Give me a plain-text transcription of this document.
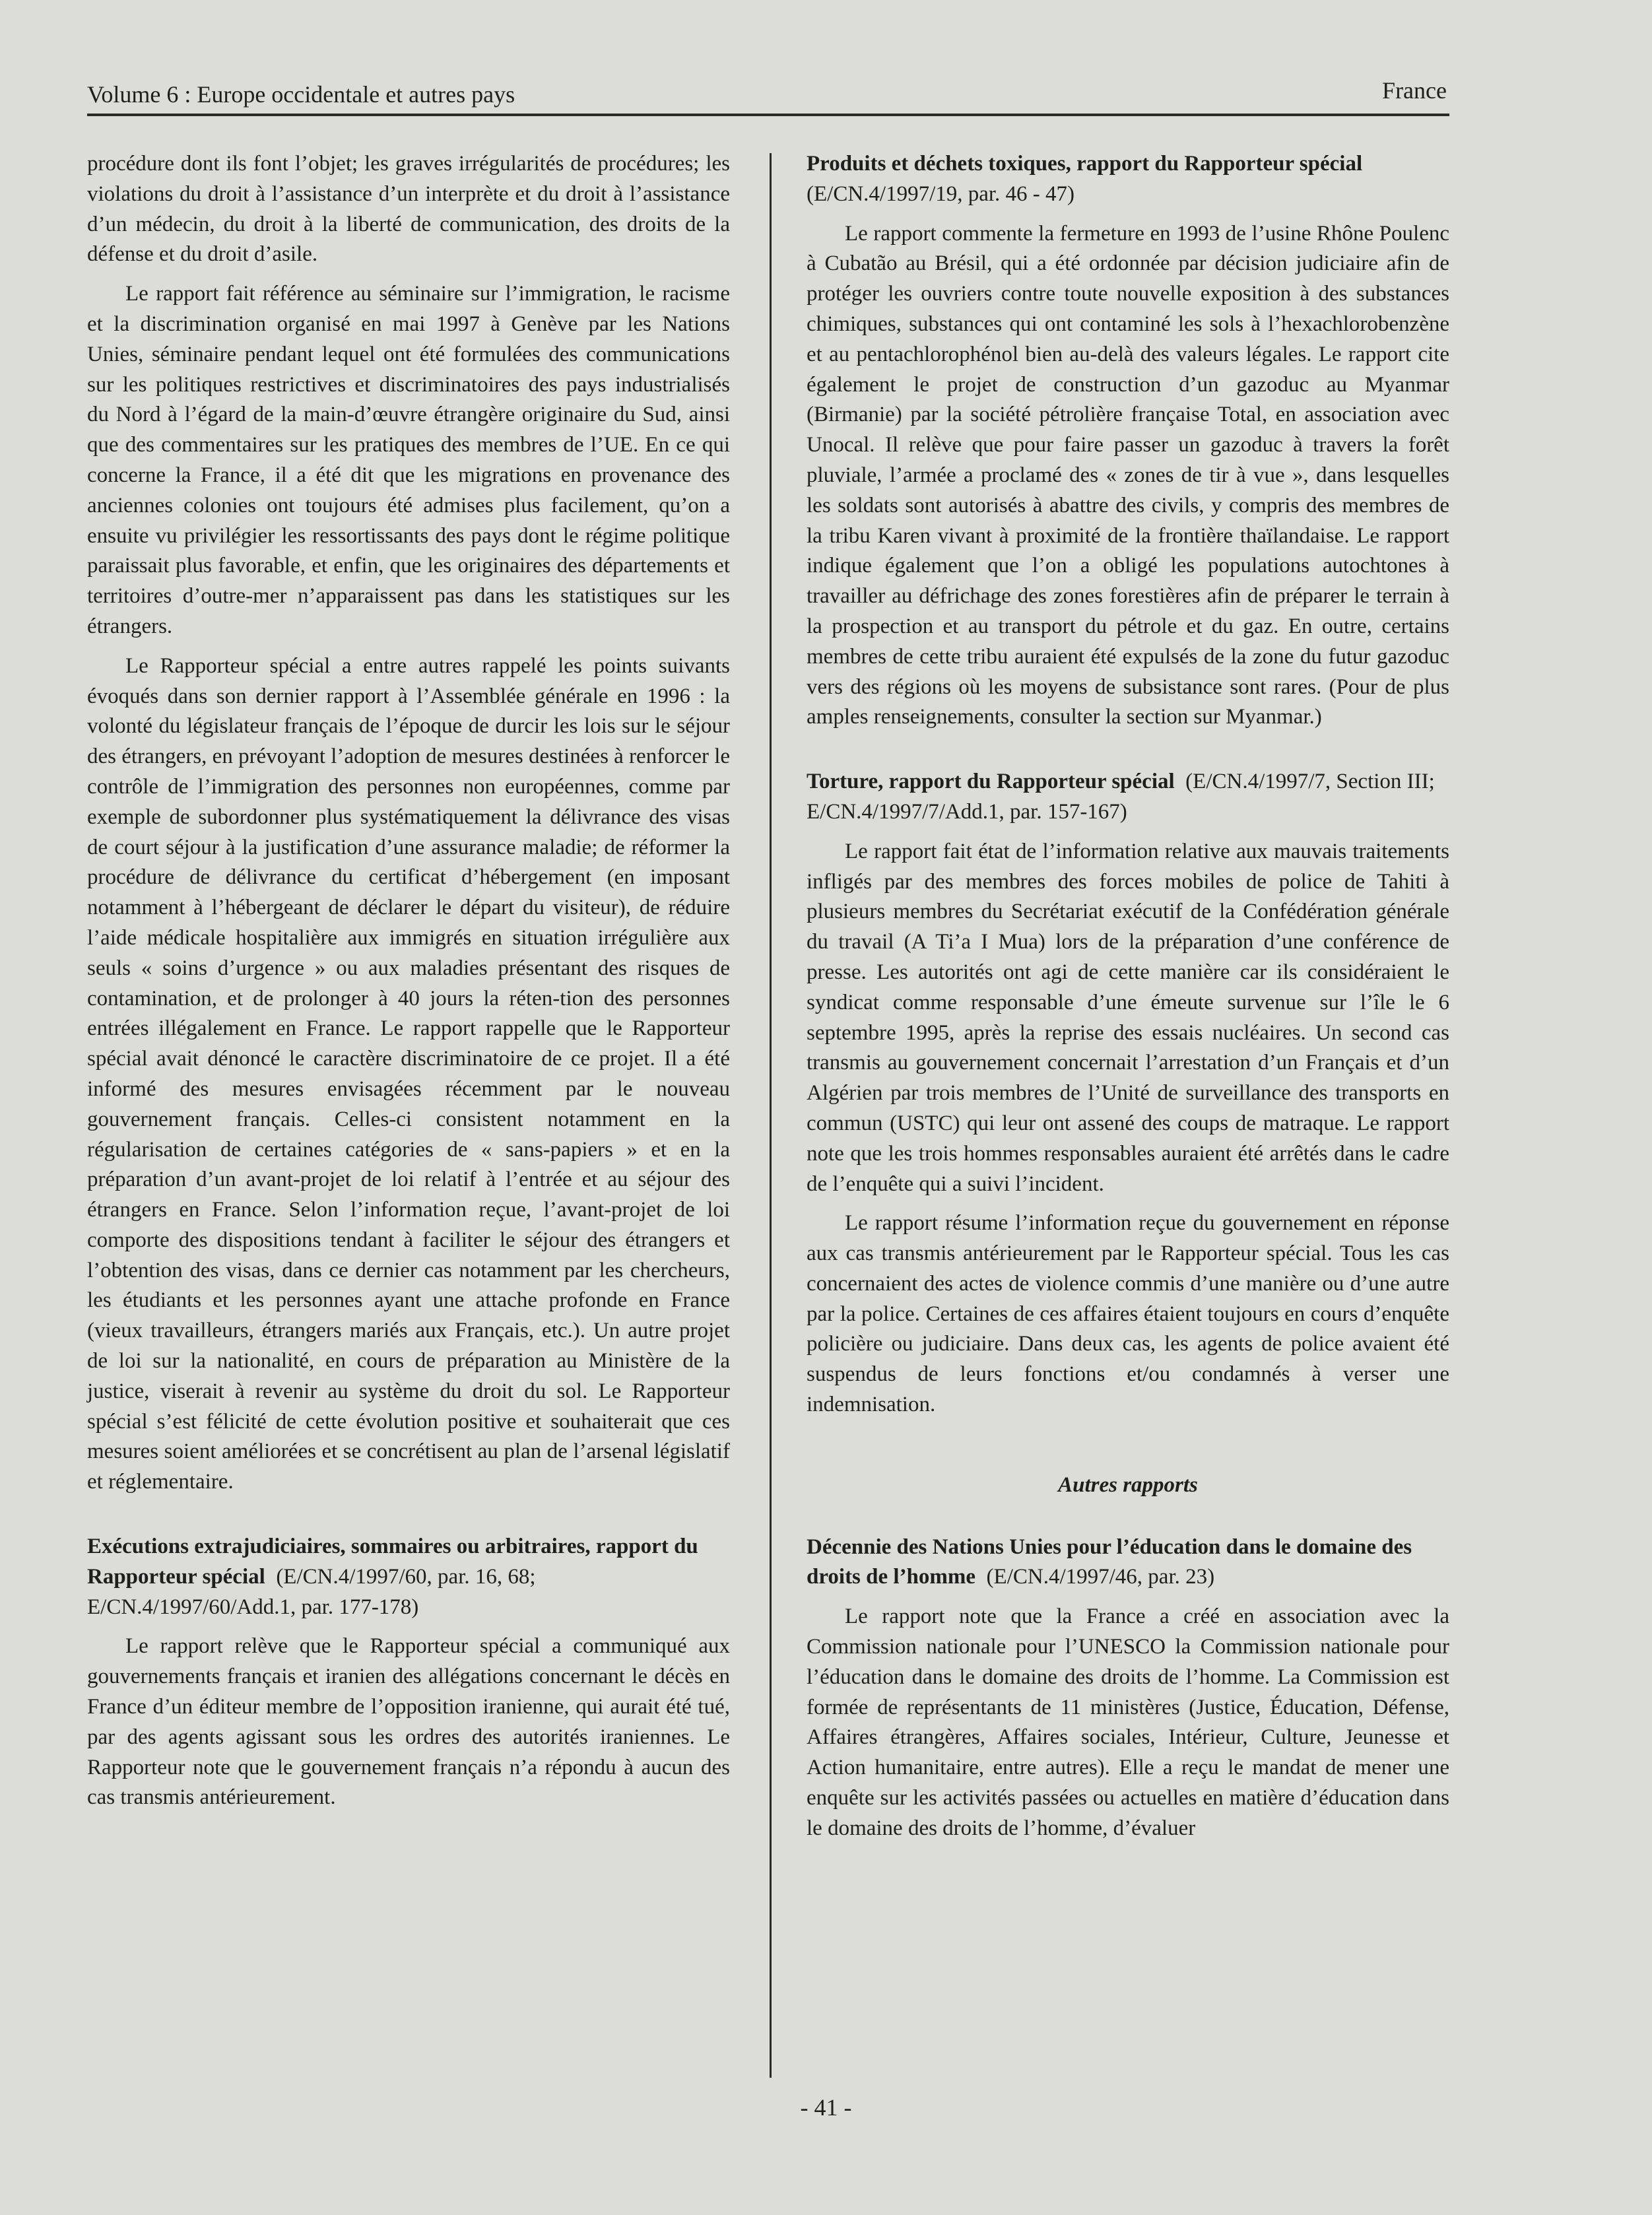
Volume 6 : Europe occidentale et autres pays	France

procédure dont ils font l’objet; les graves irrégularités de procédures; les violations du droit à l’assistance d’un interprète et du droit à l’assistance d’un médecin, du droit à la liberté de communication, des droits de la défense et du droit d’asile.

Le rapport fait référence au séminaire sur l’immigration, le racisme et la discrimination organisé en mai 1997 à Genève par les Nations Unies, séminaire pendant lequel ont été formulées des communications sur les politiques restrictives et discriminatoires des pays industrialisés du Nord à l’égard de la main-d’œuvre étrangère originaire du Sud, ainsi que des commentaires sur les pratiques des membres de l’UE. En ce qui concerne la France, il a été dit que les migrations en provenance des anciennes colonies ont toujours été admises plus facilement, qu’on a ensuite vu privilégier les ressortissants des pays dont le régime politique paraissait plus favorable, et enfin, que les originaires des départements et territoires d’outre-mer n’apparaissent pas dans les statistiques sur les étrangers.

Le Rapporteur spécial a entre autres rappelé les points suivants évoqués dans son dernier rapport à l’Assemblée générale en 1996 : la volonté du législateur français de l’époque de durcir les lois sur le séjour des étrangers, en prévoyant l’adoption de mesures destinées à renforcer le contrôle de l’immigration des personnes non européennes, comme par exemple de subordonner plus systématiquement la délivrance des visas de court séjour à la justification d’une assurance maladie; de réformer la procédure de délivrance du certificat d’hébergement (en imposant notamment à l’hébergeant de déclarer le départ du visiteur), de réduire l’aide médicale hospitalière aux immigrés en situation irrégulière aux seuls « soins d’urgence » ou aux maladies présentant des risques de contamination, et de prolonger à 40 jours la réten-tion des personnes entrées illégalement en France. Le rapport rappelle que le Rapporteur spécial avait dénoncé le caractère discriminatoire de ce projet. Il a été informé des mesures envisagées récemment par le nouveau gouvernement français. Celles-ci consistent notamment en la régularisation de certaines catégories de « sans-papiers » et en la préparation d’un avant-projet de loi relatif à l’entrée et au séjour des étrangers en France. Selon l’information reçue, l’avant-projet de loi comporte des dispositions tendant à faciliter le séjour des étrangers et l’obtention des visas, dans ce dernier cas notamment par les chercheurs, les étudiants et les personnes ayant une attache profonde en France (vieux travailleurs, étrangers mariés aux Français, etc.). Un autre projet de loi sur la nationalité, en cours de préparation au Ministère de la justice, viserait à revenir au système du droit du sol. Le Rapporteur spécial s’est félicité de cette évolution positive et souhaiterait que ces mesures soient améliorées et se concrétisent au plan de l’arsenal législatif et réglementaire.

Exécutions extrajudiciaires, sommaires ou arbitraires, rapport du Rapporteur spécial (E/CN.4/1997/60, par. 16, 68; E/CN.4/1997/60/Add.1, par. 177-178)

Le rapport relève que le Rapporteur spécial a communiqué aux gouvernements français et iranien des allégations concernant le décès en France d’un éditeur membre de l’opposition iranienne, qui aurait été tué, par des agents agissant sous les ordres des autorités iraniennes. Le Rapporteur note que le gouvernement français n’a répondu à aucun des cas transmis antérieurement.

Produits et déchets toxiques, rapport du Rapporteur spécial  (E/CN.4/1997/19, par. 46 - 47)

Le rapport commente la fermeture en 1993 de l’usine Rhône Poulenc à Cubatão au Brésil, qui a été ordonnée par décision judiciaire afin de protéger les ouvriers contre toute nouvelle exposition à des substances chimiques, substances qui ont contaminé les sols à l’hexachlorobenzène et au pentachlorophénol bien au-delà des valeurs légales. Le rapport cite également le projet de construction d’un gazoduc au Myanmar (Birmanie) par la société pétrolière française Total, en association avec Unocal. Il relève que pour faire passer un gazoduc à travers la forêt pluviale, l’armée a proclamé des « zones de tir à vue », dans lesquelles les soldats sont autorisés à abattre des civils, y compris des membres de la tribu Karen vivant à proximité de la frontière thaïlandaise. Le rapport indique également que l’on a obligé les populations autochtones à travailler au défrichage des zones forestières afin de préparer le terrain à la prospection et au transport du pétrole et du gaz. En outre, certains membres de cette tribu auraient été expulsés de la zone du futur gazoduc vers des régions où les moyens de subsistance sont rares. (Pour de plus amples renseignements, consulter la section sur Myanmar.)

Torture, rapport du Rapporteur spécial (E/CN.4/1997/7, Section III; E/CN.4/1997/7/Add.1, par. 157-167)

Le rapport fait état de l’information relative aux mauvais traitements infligés par des membres des forces mobiles de police de Tahiti à plusieurs membres du Secrétariat exécutif de la Confédération générale du travail (A Ti’a I Mua) lors de la préparation d’une conférence de presse. Les autorités ont agi de cette manière car ils considéraient le syndicat comme responsable d’une émeute survenue sur l’île le 6 septembre 1995, après la reprise des essais nucléaires. Un second cas transmis au gouvernement concernait l’arrestation d’un Français et d’un Algérien par trois membres de l’Unité de surveillance des transports en commun (USTC) qui leur ont assené des coups de matraque. Le rapport note que les trois hommes responsables auraient été arrêtés dans le cadre de l’enquête qui a suivi l’incident.

Le rapport résume l’information reçue du gouvernement en réponse aux cas transmis antérieurement par le Rapporteur spécial. Tous les cas concernaient des actes de violence commis d’une manière ou d’une autre par la police. Certaines de ces affaires étaient toujours en cours d’enquête policière ou judiciaire. Dans deux cas, les agents de police avaient été suspendus de leurs fonctions et/ou condamnés à verser une indemnisation.

Autres rapports

Décennie des Nations Unies pour l’éducation dans le domaine des droits de l’homme (E/CN.4/1997/46, par. 23)

Le rapport note que la France a créé en association avec la Commission nationale pour l’UNESCO la Commission nationale pour l’éducation dans le domaine des droits de l’homme. La Commission est formée de représentants de 11 ministères (Justice, Éducation, Défense, Affaires étrangères, Affaires sociales, Intérieur, Culture, Jeunesse et Action humanitaire, entre autres). Elle a reçu le mandat de mener une enquête sur les activités passées ou actuelles en matière d’éducation dans le domaine des droits de l’homme, d’évaluer

- 41 -
